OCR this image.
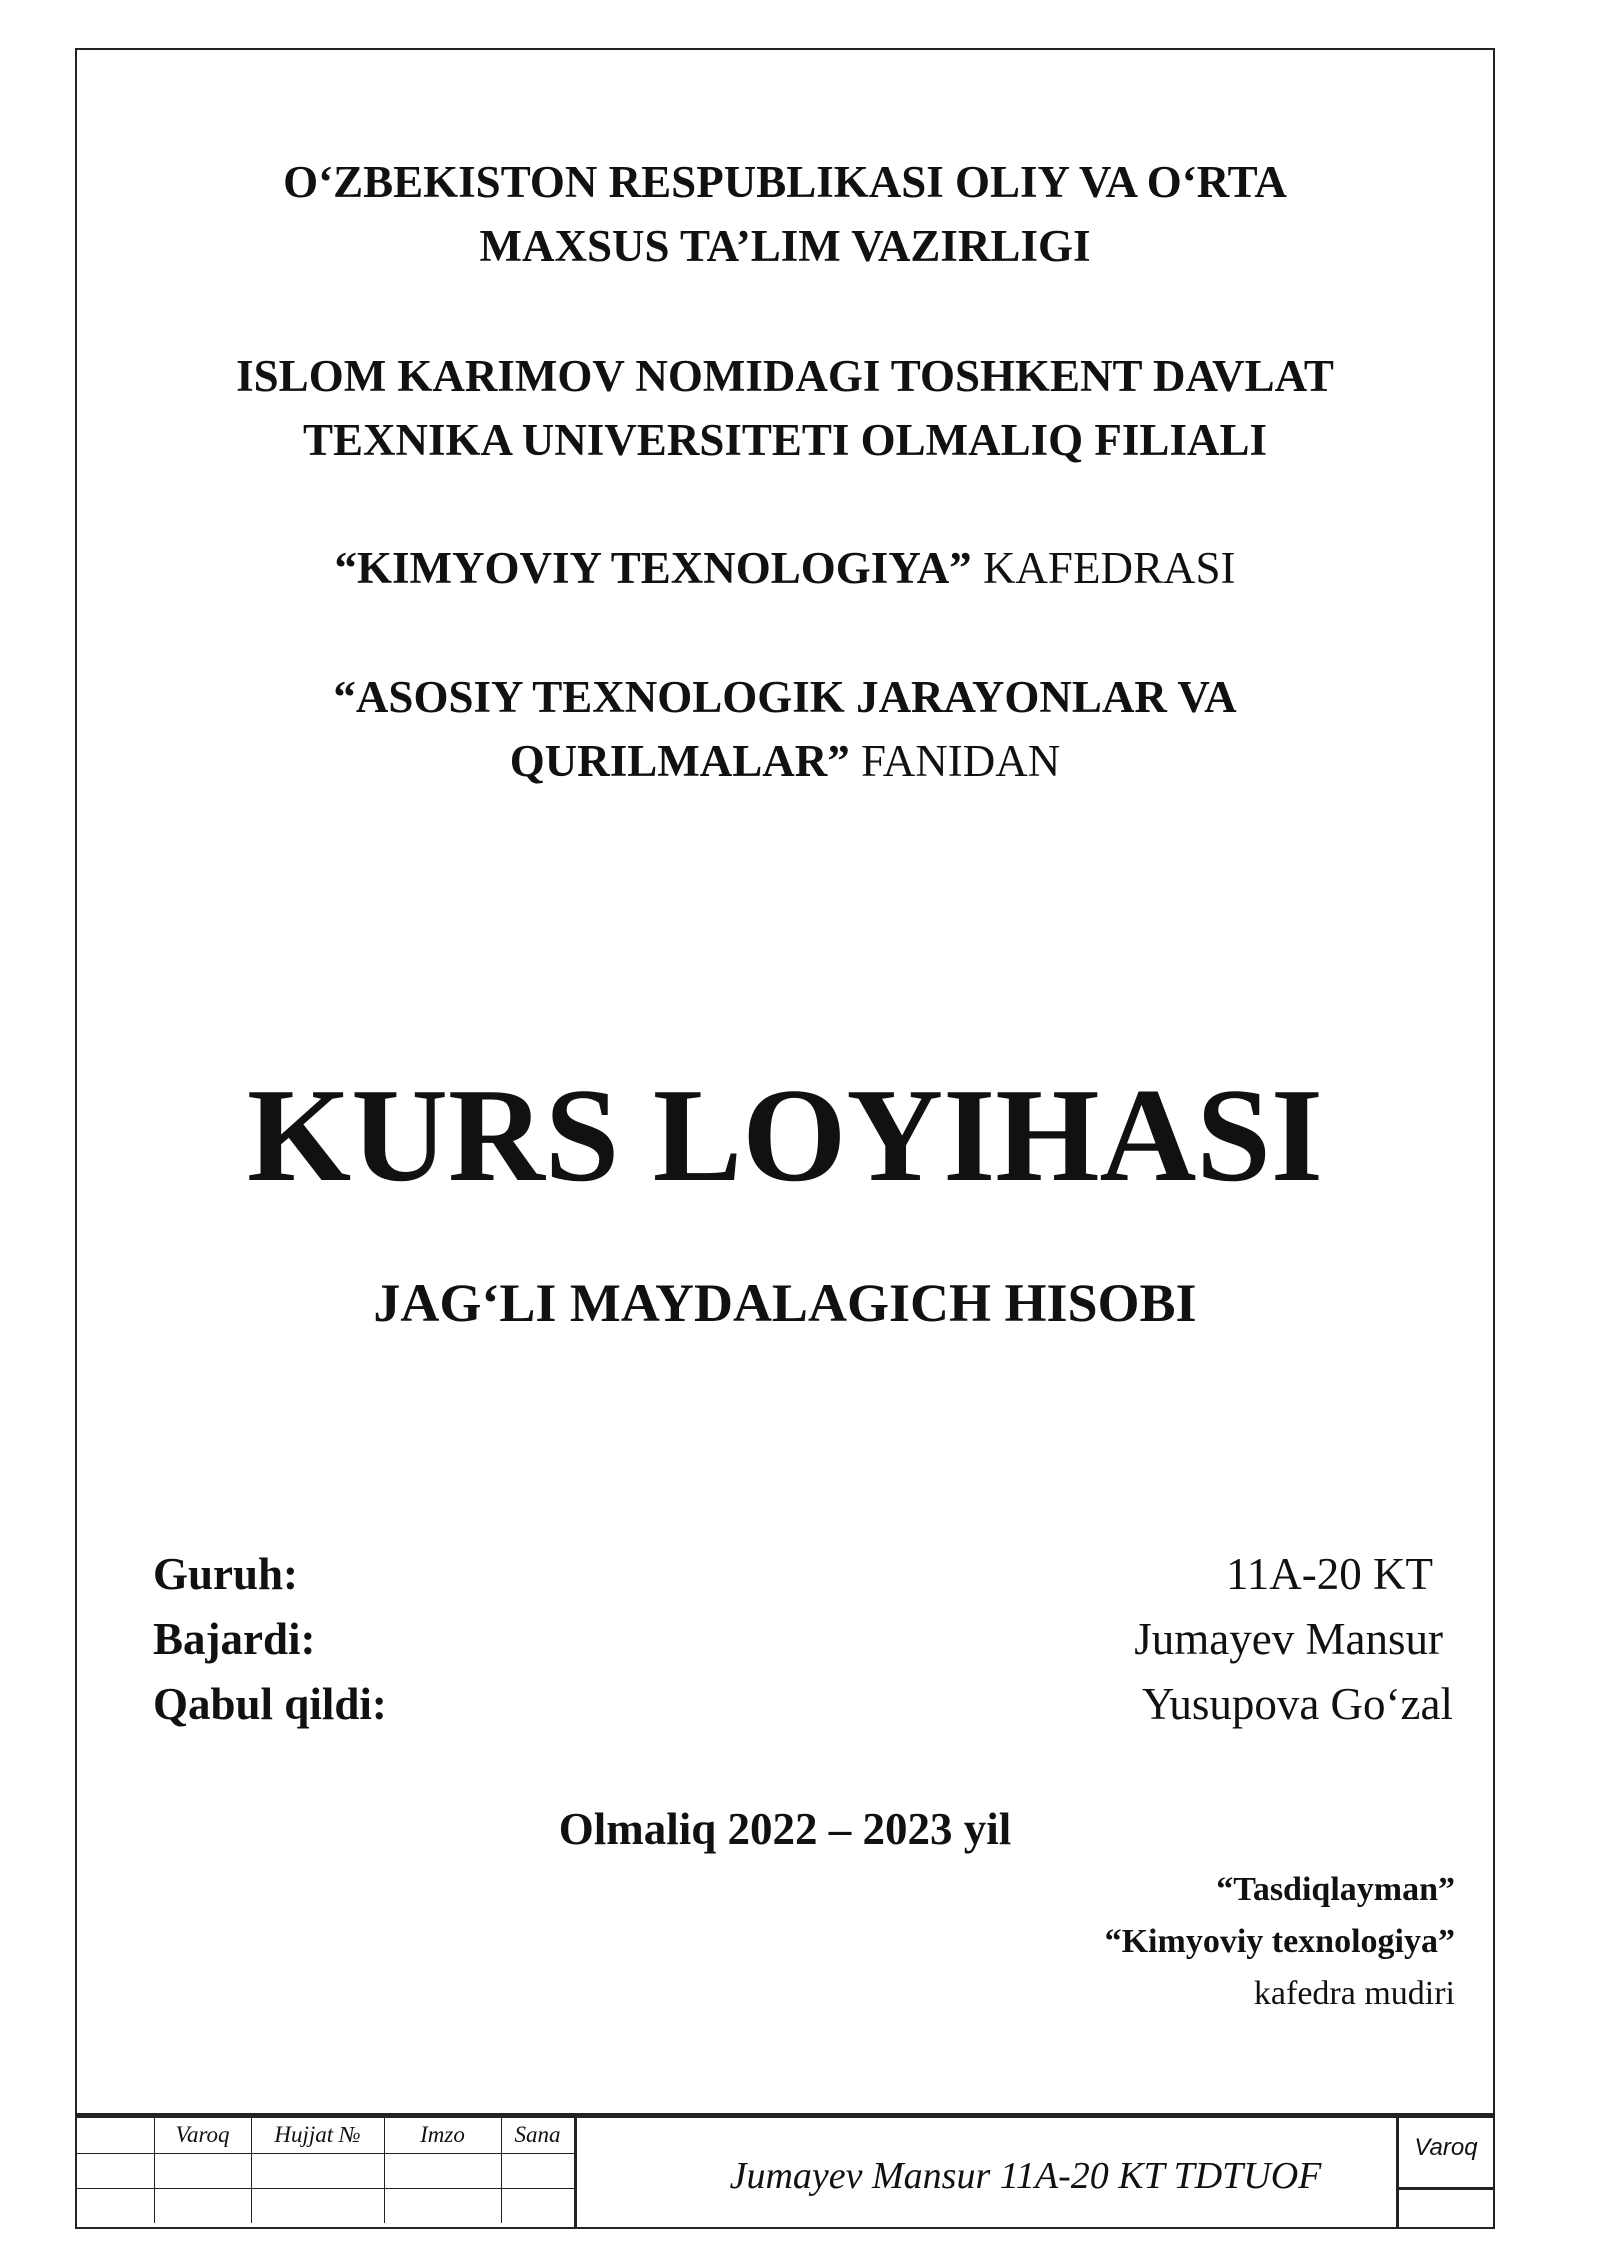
O‘ZBEKISTON RESPUBLIKASI OLIY VA O‘RTA
MAXSUS TA’LIM VAZIRLIGI
ISLOM KARIMOV NOMIDAGI TOSHKENT DAVLAT
TEXNIKA UNIVERSITETI OLMALIQ FILIALI
“KIMYOVIY TEXNOLOGIYA” KAFEDRASI
“ASOSIY TEXNOLOGIK JARAYONLAR VA
QURILMALAR” FANIDAN
KURS LOYIHASI
JAG‘LI MAYDALAGICH HISOBI
Guruh:	11A-20 KT
Bajardi:	Jumayev Mansur
Qabul qildi:	Yusupova Go‘zal
Olmaliq 2022 – 2023 yil
“Tasdiqlayman”
“Kimyoviy texnologiya”
kafedra mudiri
	Varoq	Hujjat №	Imzo	Sana

Jumayev Mansur 11A-20 KT TDTUOF
Varoq
